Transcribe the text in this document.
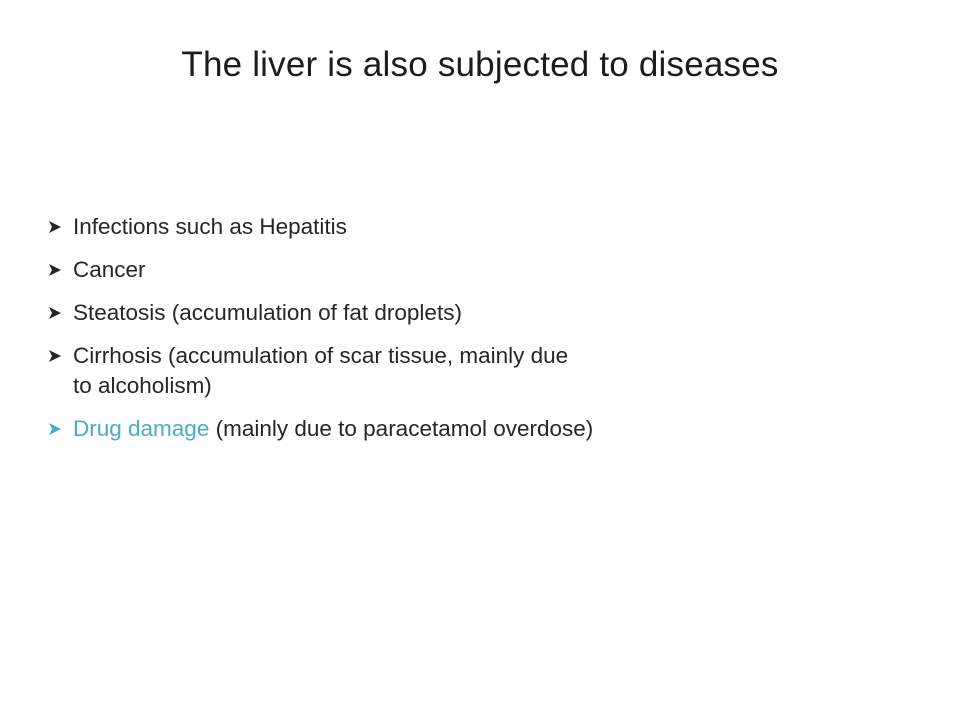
The liver is also subjected to diseases
Infections such as Hepatitis
Cancer
Steatosis (accumulation of fat droplets)
Cirrhosis (accumulation of scar tissue, mainly due to alcoholism)
Drug damage (mainly due to paracetamol overdose)
